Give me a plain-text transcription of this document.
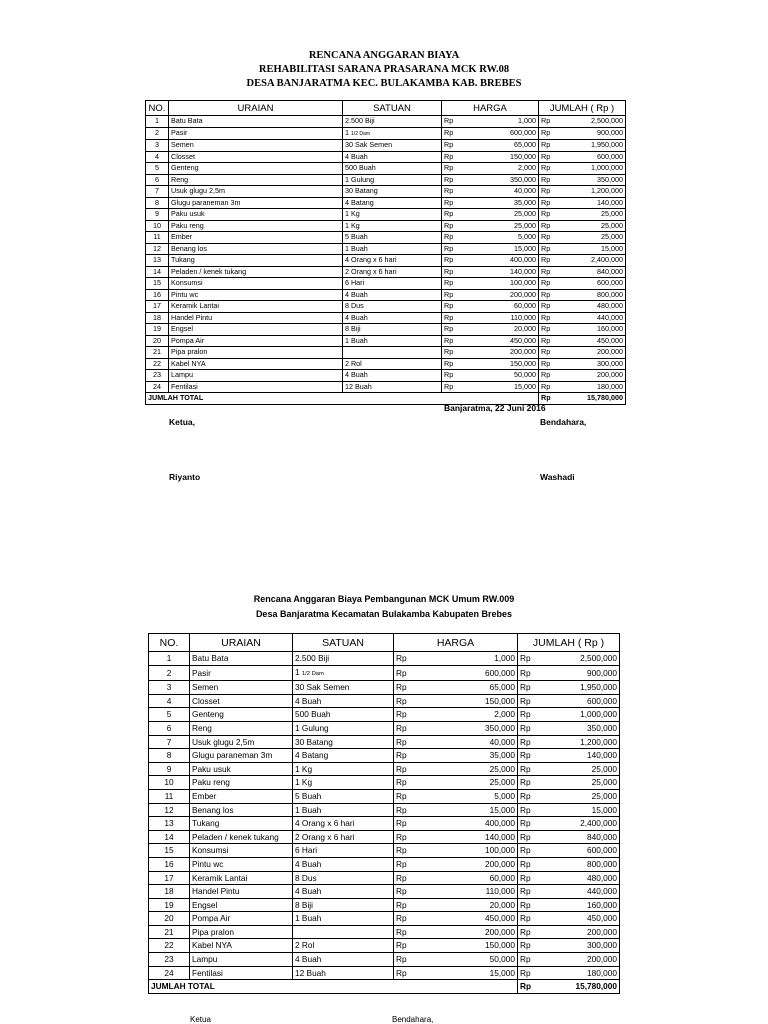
RENCANA ANGGARAN BIAYA
REHABILITASI SARANA PRASARANA MCK RW.08
DESA BANJARATMA KEC. BULAKAMBA KAB. BREBES
NO.	URAIAN	SATUAN	HARGA		JUMLAH ( Rp )	
1	Batu Bata	2.500 Biji	Rp	1,000	Rp	2,500,000
2	Pasir	1 1/2 Dam	Rp	600,000	Rp	900,000
3	Semen	30 Sak Semen	Rp	65,000	Rp	1,950,000
4	Closset	4 Buah	Rp	150,000	Rp	600,000
5	Genteng	500 Buah	Rp	2,000	Rp	1,000,000
6	Reng	1 Gulung	Rp	350,000	Rp	350,000
7	Usuk glugu 2,5m	30 Batang	Rp	40,000	Rp	1,200,000
8	Glugu paraneman 3m	4 Batang	Rp	35,000	Rp	140,000
9	Paku usuk	1 Kg	Rp	25,000	Rp	25,000
10	Paku reng	1 Kg	Rp	25,000	Rp	25,000
11	Ember	5 Buah	Rp	5,000	Rp	25,000
12	Benang los	1 Buah	Rp	15,000	Rp	15,000
13	Tukang	4 Orang x 6 hari	Rp	400,000	Rp	2,400,000
14	Peladen / kenek tukang	2 Orang x 6 hari	Rp	140,000	Rp	840,000
15	Konsumsi	6 Hari	Rp	100,000	Rp	600,000
16	Pintu wc	4 Buah	Rp	200,000	Rp	800,000
17	Keramik Lantai	8 Dus	Rp	60,000	Rp	480,000
18	Handel Pintu	4 Buah	Rp	110,000	Rp	440,000
19	Engsel	8 Biji	Rp	20,000	Rp	160,000
20	Pompa Air	1 Buah	Rp	450,000	Rp	450,000
21	Pipa pralon		Rp	200,000	Rp	200,000
22	Kabel NYA	2 Rol	Rp	150,000	Rp	300,000
23	Lampu	4 Buah	Rp	50,000	Rp	200,000
24	Fentilasi	12 Buah	Rp	15,000	Rp	180,000
JUMLAH TOTAL					Rp	15,780,000
Banjaratma, 22 Juni 2016
Ketua,	Bendahara,
Riyanto	Washadi
Rencana Anggaran Biaya Pembangunan MCK Umum RW.009
Desa Banjaratma Kecamatan Bulakamba Kabupaten Brebes
NO.	URAIAN	SATUAN	HARGA		JUMLAH ( Rp )	
1	Batu Bata	2.500 Biji	Rp	1,000	Rp	2,500,000
2	Pasir	1 1/2 Dam	Rp	600,000	Rp	900,000
3	Semen	30 Sak Semen	Rp	65,000	Rp	1,950,000
4	Closset	4 Buah	Rp	150,000	Rp	600,000
5	Genteng	500 Buah	Rp	2,000	Rp	1,000,000
6	Reng	1 Gulung	Rp	350,000	Rp	350,000
7	Usuk glugu 2,5m	30 Batang	Rp	40,000	Rp	1,200,000
8	Glugu paraneman 3m	4 Batang	Rp	35,000	Rp	140,000
9	Paku usuk	1 Kg	Rp	25,000	Rp	25,000
10	Paku reng	1 Kg	Rp	25,000	Rp	25,000
11	Ember	5 Buah	Rp	5,000	Rp	25,000
12	Benang los	1 Buah	Rp	15,000	Rp	15,000
13	Tukang	4 Orang x 6 hari	Rp	400,000	Rp	2,400,000
14	Peladen / kenek tukang	2 Orang x 6 hari	Rp	140,000	Rp	840,000
15	Konsumsi	6 Hari	Rp	100,000	Rp	600,000
16	Pintu wc	4 Buah	Rp	200,000	Rp	800,000
17	Keramik Lantai	8 Dus	Rp	60,000	Rp	480,000
18	Handel Pintu	4 Buah	Rp	110,000	Rp	440,000
19	Engsel	8 Biji	Rp	20,000	Rp	160,000
20	Pompa Air	1 Buah	Rp	450,000	Rp	450,000
21	Pipa pralon		Rp	200,000	Rp	200,000
22	Kabel NYA	2 Rol	Rp	150,000	Rp	300,000
23	Lampu	4 Buah	Rp	50,000	Rp	200,000
24	Fentilasi	12 Buah	Rp	15,000	Rp	180,000
JUMLAH TOTAL					Rp	15,780,000
Ketua	Bendahara,
